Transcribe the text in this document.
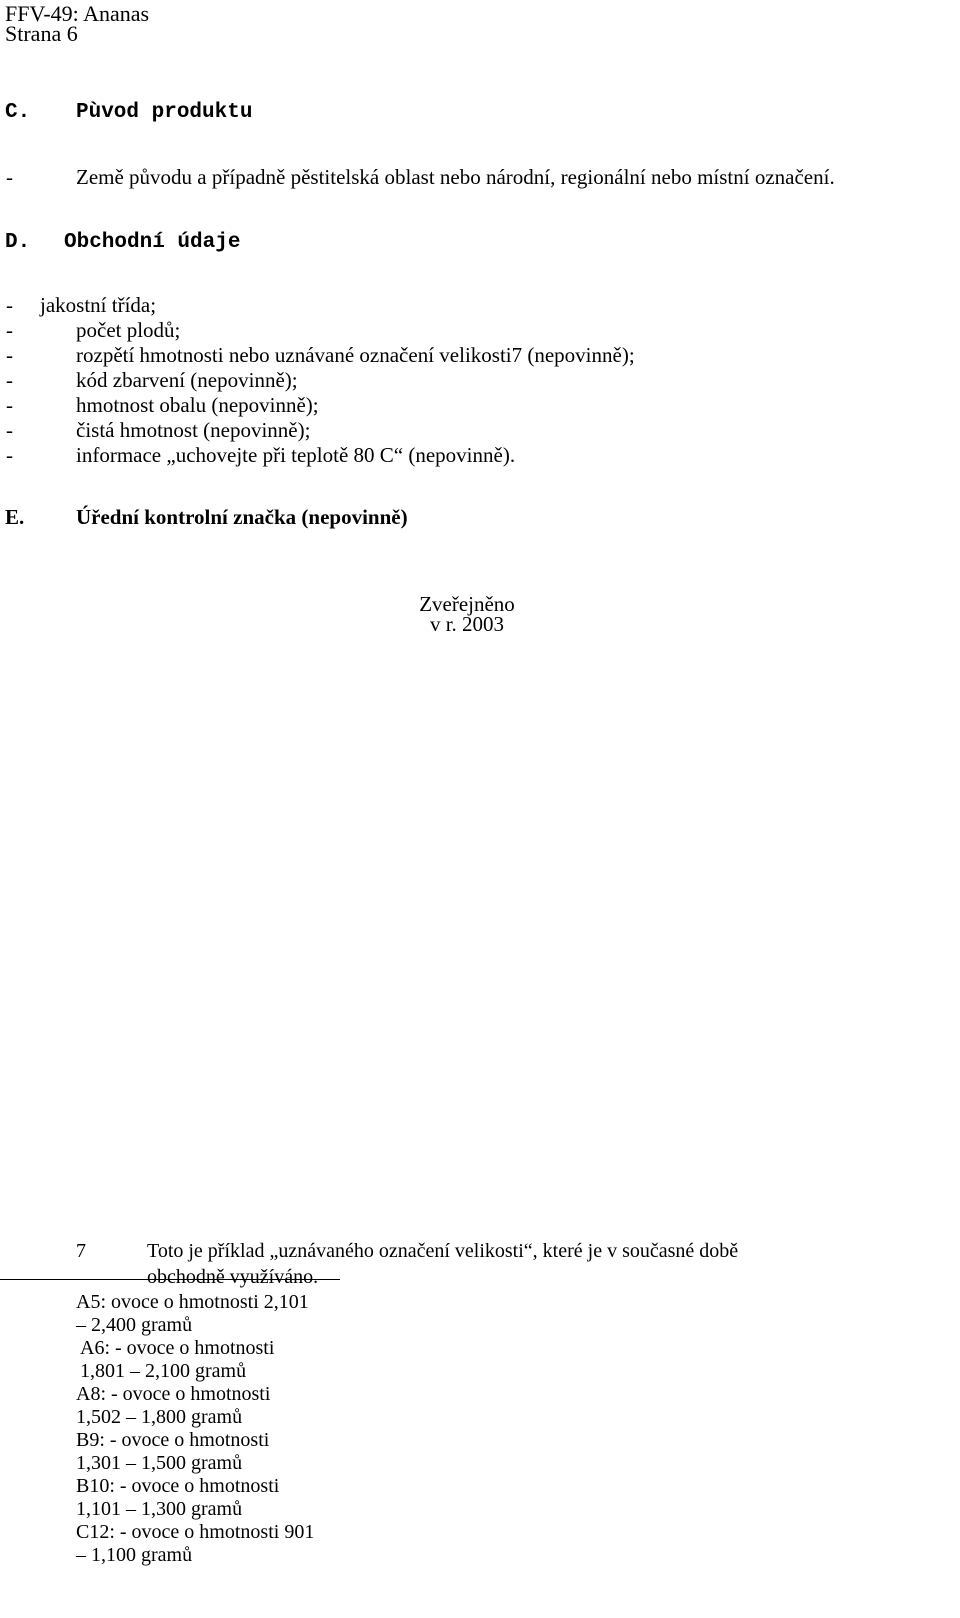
FFV-49: Ananas
Strana 6
C. Pùvod produktu
-	Země původu a případně pěstitelská oblast nebo národní, regionální nebo místní označení.
D. Obchodní údaje
- jakostní třída;
-	počet plodů;
-	rozpětí hmotnosti nebo uznávané označení velikosti7 (nepovinně);
-	kód zbarvení (nepovinně);
-	hmotnost obalu (nepovinně);
-	čistá hmotnost (nepovinně);
-	informace „uchovejte při teplotě 80 C“ (nepovinně).
E. Úřední kontrolní značka (nepovinně)
Zveřejněno
v r. 2003
7	Toto je příklad „uznávaného označení velikosti“, které je v současné době
obchodně využíváno.
A5: ovoce o hmotnosti 2,101
– 2,400 gramů
A6: - ovoce o hmotnosti
1,801 – 2,100 gramů
A8: - ovoce o hmotnosti
1,502 – 1,800 gramů
B9: - ovoce o hmotnosti
1,301 – 1,500 gramů
B10: - ovoce o hmotnosti
1,101 – 1,300 gramů
C12: - ovoce o hmotnosti 901
– 1,100 gramů
